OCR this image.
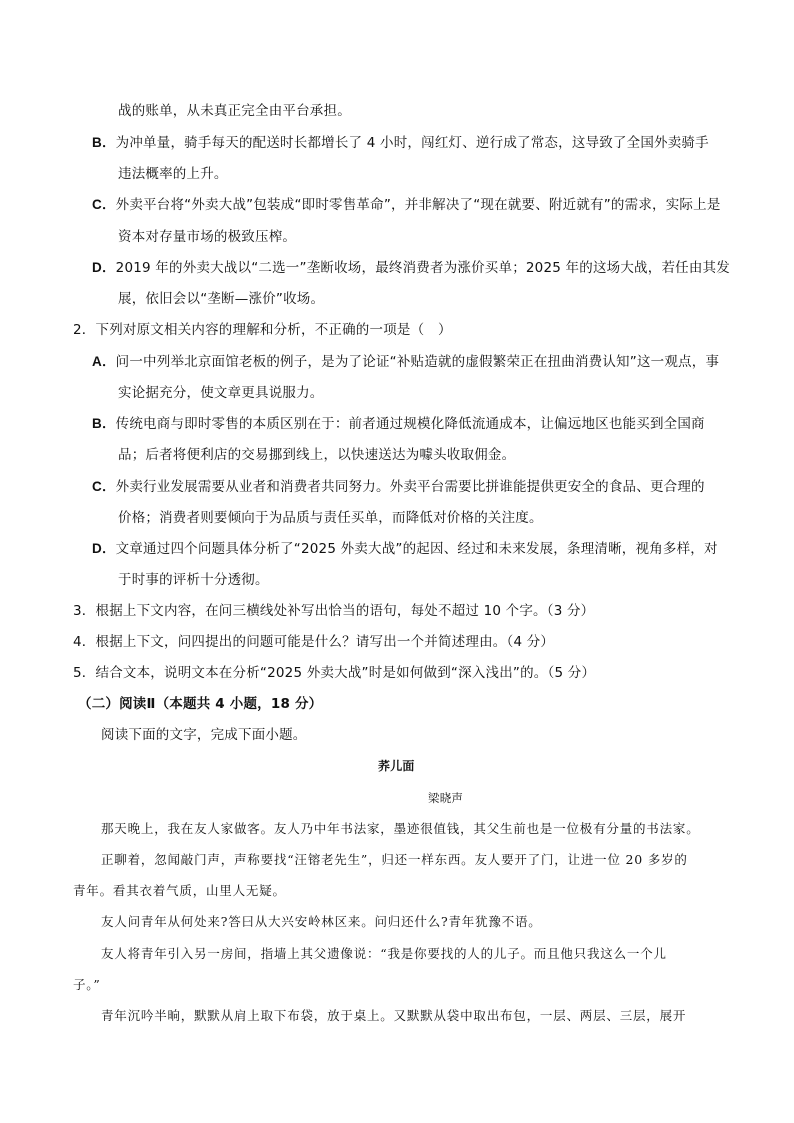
战的账单，从未真正完全由平台承担。
B．为冲单量，骑手每天的配送时长都增长了 4 小时，闯红灯、逆行成了常态，这导致了全国外卖骑手
违法概率的上升。
C．外卖平台将“外卖大战”包装成“即时零售革命”，并非解决了“现在就要、附近就有”的需求，实际上是
资本对存量市场的极致压榨。
D．2019 年的外卖大战以“二选一”垄断收场，最终消费者为涨价买单；2025 年的这场大战，若任由其发
展，依旧会以“垄断—涨价”收场。
2．下列对原文相关内容的理解和分析，不正确的一项是（　）
A．问一中列举北京面馆老板的例子，是为了论证“补贴造就的虚假繁荣正在扭曲消费认知”这一观点，事
实论据充分，使文章更具说服力。
B．传统电商与即时零售的本质区别在于：前者通过规模化降低流通成本，让偏远地区也能买到全国商
品；后者将便利店的交易挪到线上，以快速送达为噱头收取佣金。
C．外卖行业发展需要从业者和消费者共同努力。外卖平台需要比拼谁能提供更安全的食品、更合理的
价格；消费者则要倾向于为品质与责任买单，而降低对价格的关注度。
D．文章通过四个问题具体分析了“2025 外卖大战”的起因、经过和未来发展，条理清晰，视角多样，对
于时事的评析十分透彻。
3．根据上下文内容，在问三横线处补写出恰当的语句，每处不超过 10 个字。（3 分）
4．根据上下文，问四提出的问题可能是什么？请写出一个并简述理由。（4 分）
5．结合文本，说明文本在分析“2025 外卖大战”时是如何做到“深入浅出”的。（5 分）
（二）阅读Ⅱ（本题共 4 小题，18 分）
阅读下面的文字，完成下面小题。
荞儿面
梁晓声
那天晚上，我在友人家做客。友人乃中年书法家，墨迹很值钱，其父生前也是一位极有分量的书法家。
正聊着，忽闻敲门声，声称要找“汪镕老先生”，归还一样东西。友人要开了门，让进一位 20 多岁的
青年。看其衣着气质，山里人无疑。
友人问青年从何处来?答曰从大兴安岭林区来。问归还什么?青年犹豫不语。
友人将青年引入另一房间，指墙上其父遗像说：“我是你要找的人的儿子。而且他只我这么一个儿
子。”
青年沉吟半晌，默默从肩上取下布袋，放于桌上。又默默从袋中取出布包，一层、两层、三层，展开
